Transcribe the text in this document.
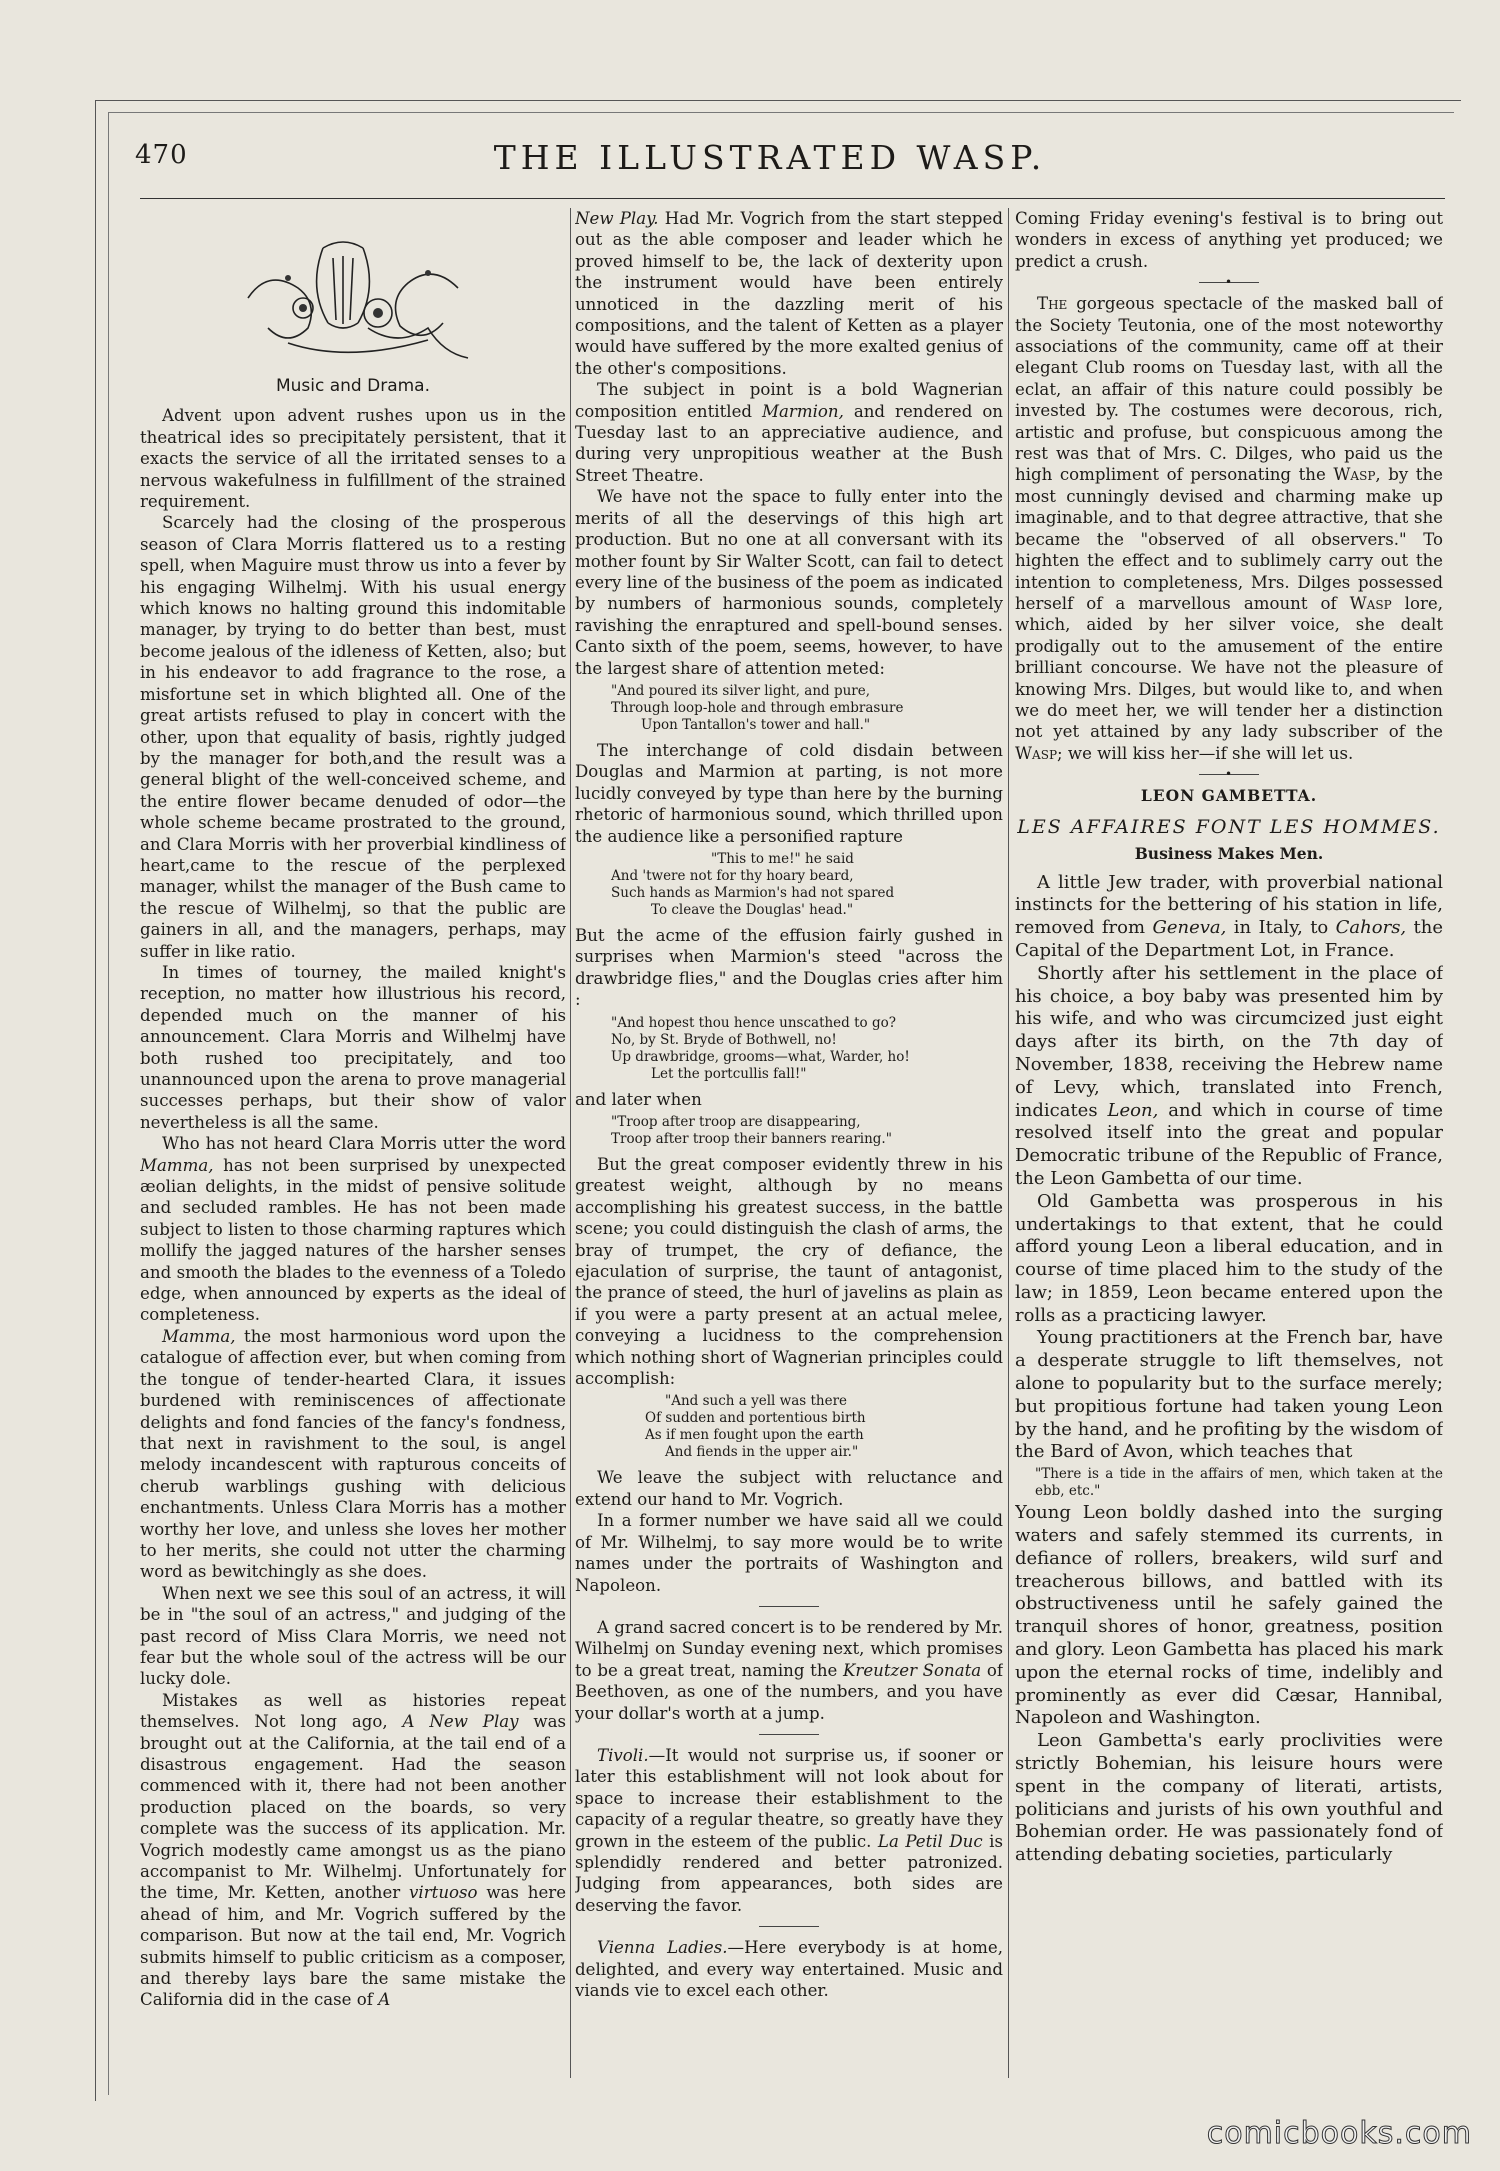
470	THE ILLUSTRATED WASP.
Music and Drama.

Advent upon advent rushes upon us in the theatrical ides so precipitately persistent, that it exacts the service of all the irritated senses to a nervous wakefulness in fulfillment of the strained requirement.

Scarcely had the closing of the prosperous season of Clara Morris flattered us to a resting spell, when Maguire must throw us into a fever by his engaging Wilhelmj. With his usual energy which knows no halting ground this indomitable manager, by trying to do better than best, must become jealous of the idleness of Ketten, also; but in his endeavor to add fragrance to the rose, a misfortune set in which blighted all. One of the great artists refused to play in concert with the other, upon that equality of basis, rightly judged by the manager for both,and the result was a general blight of the well-conceived scheme, and the entire flower became denuded of odor—the whole scheme became prostrated to the ground, and Clara Morris with her proverbial kindliness of heart,came to the rescue of the perplexed manager, whilst the manager of the Bush came to the rescue of Wilhelmj, so that the public are gainers in all, and the managers, perhaps, may suffer in like ratio.

In times of tourney, the mailed knight's reception, no matter how illustrious his record, depended much on the manner of his announcement. Clara Morris and Wilhelmj have both rushed too precipitately, and too unannounced upon the arena to prove managerial successes perhaps, but their show of valor nevertheless is all the same.

Who has not heard Clara Morris utter the word Mamma, has not been surprised by unexpected æolian delights, in the midst of pensive solitude and secluded rambles. He has not been made subject to listen to those charming raptures which mollify the jagged natures of the harsher senses and smooth the blades to the evenness of a Toledo edge, when announced by experts as the ideal of completeness.

Mamma, the most harmonious word upon the catalogue of affection ever, but when coming from the tongue of tender-hearted Clara, it issues burdened with reminiscences of affectionate delights and fond fancies of the fancy's fondness, that next in ravishment to the soul, is angel melody incandescent with rapturous conceits of cherub warblings gushing with delicious enchantments. Unless Clara Morris has a mother worthy her love, and unless she loves her mother to her merits, she could not utter the charming word as bewitchingly as she does.

When next we see this soul of an actress, it will be in "the soul of an actress," and judging of the past record of Miss Clara Morris, we need not fear but the whole soul of the actress will be our lucky dole.

Mistakes as well as histories repeat themselves. Not long ago, A New Play was brought out at the California, at the tail end of a disastrous engagement. Had the season commenced with it, there had not been another production placed on the boards, so very complete was the success of its application. Mr. Vogrich modestly came amongst us as the piano accompanist to Mr. Wilhelmj. Unfortunately for the time, Mr. Ketten, another virtuoso was here ahead of him, and Mr. Vogrich suffered by the comparison. But now at the tail end, Mr. Vogrich submits himself to public criticism as a composer, and thereby lays bare the same mistake the California did in the case of A

New Play. Had Mr. Vogrich from the start stepped out as the able composer and leader which he proved himself to be, the lack of dexterity upon the instrument would have been entirely unnoticed in the dazzling merit of his compositions, and the talent of Ketten as a player would have suffered by the more exalted genius of the other's compositions.

The subject in point is a bold Wagnerian composition entitled Marmion, and rendered on Tuesday last to an appreciative audience, and during very unpropitious weather at the Bush Street Theatre.

We have not the space to fully enter into the merits of all the deservings of this high art production. But no one at all conversant with its mother fount by Sir Walter Scott, can fail to detect every line of the business of the poem as indicated by numbers of harmonious sounds, completely ravishing the enraptured and spell-bound senses. Canto sixth of the poem, seems, however, to have the largest share of attention meted:

"And poured its silver light, and pure,
Through loop-hole and through embrasure
Upon Tantallon's tower and hall."

The interchange of cold disdain between Douglas and Marmion at parting, is not more lucidly conveyed by type than here by the burning rhetoric of harmonious sound, which thrilled upon the audience like a personified rapture

"This to me!" he said
And 'twere not for thy hoary beard,
Such hands as Marmion's had not spared
To cleave the Douglas' head."

But the acme of the effusion fairly gushed in surprises when Marmion's steed "across the drawbridge flies," and the Douglas cries after him :

"And hopest thou hence unscathed to go?
No, by St. Bryde of Bothwell, no!
Up drawbridge, grooms—what, Warder, ho!
Let the portcullis fall!"

and later when

"Troop after troop are disappearing,
Troop after troop their banners rearing."

But the great composer evidently threw in his greatest weight, although by no means accomplishing his greatest success, in the battle scene; you could distinguish the clash of arms, the bray of trumpet, the cry of defiance, the ejaculation of surprise, the taunt of antagonist, the prance of steed, the hurl of javelins as plain as if you were a party present at an actual melee, conveying a lucidness to the comprehension which nothing short of Wagnerian principles could accomplish:

"And such a yell was there
Of sudden and portentious birth
As if men fought upon the earth
And fiends in the upper air."

We leave the subject with reluctance and extend our hand to Mr. Vogrich.

In a former number we have said all we could of Mr. Wilhelmj, to say more would be to write names under the portraits of Washington and Napoleon.

A grand sacred concert is to be rendered by Mr. Wilhelmj on Sunday evening next, which promises to be a great treat, naming the Kreutzer Sonata of Beethoven, as one of the numbers, and you have your dollar's worth at a jump.

Tivoli.—It would not surprise us, if sooner or later this establishment will not look about for space to increase their establishment to the capacity of a regular theatre, so greatly have they grown in the esteem of the public. La Petil Duc is splendidly rendered and better patronized. Judging from appearances, both sides are deserving the favor.

Vienna Ladies.—Here everybody is at home, delighted, and every way entertained. Music and viands vie to excel each other.

Coming Friday evening's festival is to bring out wonders in excess of anything yet produced; we predict a crush.

•

The gorgeous spectacle of the masked ball of the Society Teutonia, one of the most noteworthy associations of the community, came off at their elegant Club rooms on Tuesday last, with all the eclat, an affair of this nature could possibly be invested by. The costumes were decorous, rich, artistic and profuse, but conspicuous among the rest was that of Mrs. C. Dilges, who paid us the high compliment of personating the Wasp, by the most cunningly devised and charming make up imaginable, and to that degree attractive, that she became the "observed of all observers." To highten the effect and to sublimely carry out the intention to completeness, Mrs. Dilges possessed herself of a marvellous amount of Wasp lore, which, aided by her silver voice, she dealt prodigally out to the amusement of the entire brilliant concourse. We have not the pleasure of knowing Mrs. Dilges, but would like to, and when we do meet her, we will tender her a distinction not yet attained by any lady subscriber of the Wasp; we will kiss her—if she will let us.

•
LEON GAMBETTA.
LES AFFAIRES FONT LES HOMMES.
Business Makes Men.

A little Jew trader, with proverbial national instincts for the bettering of his station in life, removed from Geneva, in Italy, to Cahors, the Capital of the Department Lot, in France.

Shortly after his settlement in the place of his choice, a boy baby was presented him by his wife, and who was circumcized just eight days after its birth, on the 7th day of November, 1838, receiving the Hebrew name of Levy, which, translated into French, indicates Leon, and which in course of time resolved itself into the great and popular Democratic tribune of the Republic of France, the Leon Gambetta of our time.

Old Gambetta was prosperous in his undertakings to that extent, that he could afford young Leon a liberal education, and in course of time placed him to the study of the law; in 1859, Leon became entered upon the rolls as a practicing lawyer.

Young practitioners at the French bar, have a desperate struggle to lift themselves, not alone to popularity but to the surface merely; but propitious fortune had taken young Leon by the hand, and he profiting by the wisdom of the Bard of Avon, which teaches that

"There is a tide in the affairs of men, which taken at the ebb, etc."

Young Leon boldly dashed into the surging waters and safely stemmed its currents, in defiance of rollers, breakers, wild surf and treacherous billows, and battled with its obstructiveness until he safely gained the tranquil shores of honor, greatness, position and glory. Leon Gambetta has placed his mark upon the eternal rocks of time, indelibly and prominently as ever did Cæsar, Hannibal, Napoleon and Washington.

Leon Gambetta's early proclivities were strictly Bohemian, his leisure hours were spent in the company of literati, artists, politicians and jurists of his own youthful and Bohemian order. He was passionately fond of attending debating societies, particularly

comicbooks.com
